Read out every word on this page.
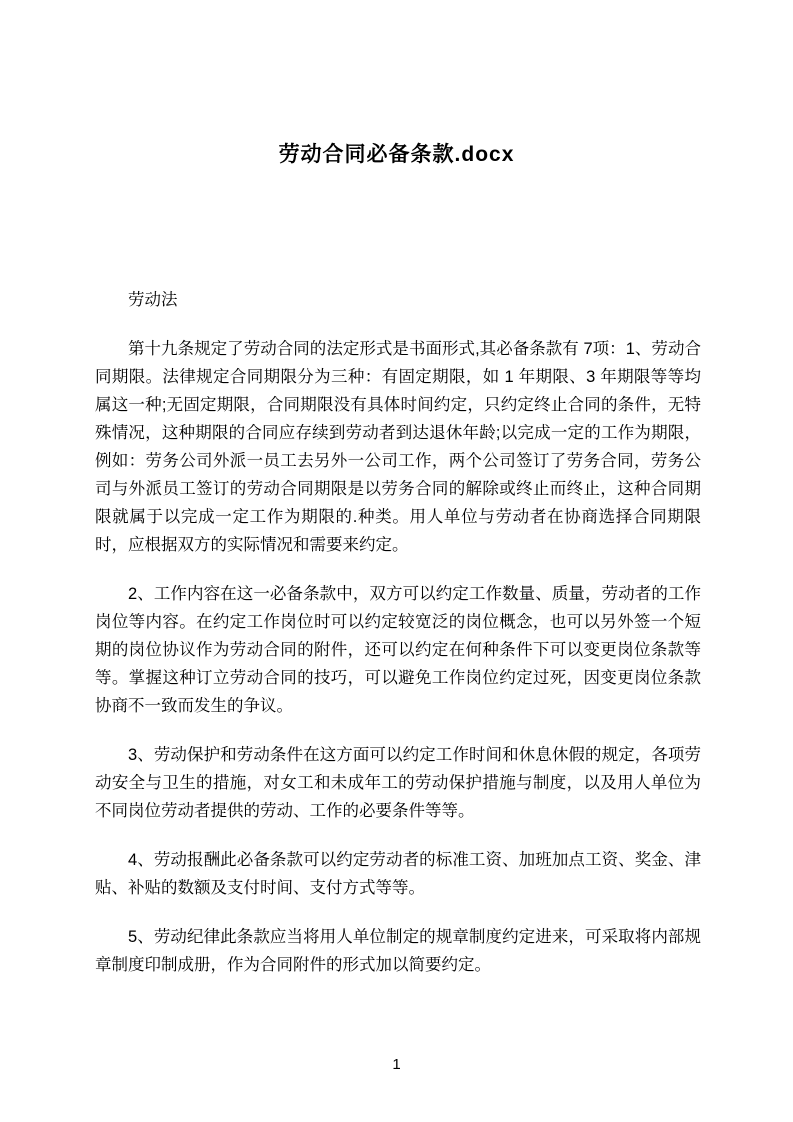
劳动合同必备条款.docx

劳动法

第十九条规定了劳动合同的法定形式是书面形式,其必备条款有 7项：1、劳动合同期限。法律规定合同期限分为三种：有固定期限，如 1 年期限、3 年期限等等均属这一种;无固定期限，合同期限没有具体时间约定，只约定终止合同的条件，无特殊情况，这种期限的合同应存续到劳动者到达退休年龄;以完成一定的工作为期限，例如：劳务公司外派一员工去另外一公司工作，两个公司签订了劳务合同，劳务公司与外派员工签订的劳动合同期限是以劳务合同的解除或终止而终止，这种合同期限就属于以完成一定工作为期限的.种类。用人单位与劳动者在协商选择合同期限时，应根据双方的实际情况和需要来约定。

2、工作内容在这一必备条款中，双方可以约定工作数量、质量，劳动者的工作岗位等内容。在约定工作岗位时可以约定较宽泛的岗位概念，也可以另外签一个短期的岗位协议作为劳动合同的附件，还可以约定在何种条件下可以变更岗位条款等等。掌握这种订立劳动合同的技巧，可以避免工作岗位约定过死，因变更岗位条款协商不一致而发生的争议。

3、劳动保护和劳动条件在这方面可以约定工作时间和休息休假的规定，各项劳动安全与卫生的措施，对女工和未成年工的劳动保护措施与制度，以及用人单位为不同岗位劳动者提供的劳动、工作的必要条件等等。

4、劳动报酬此必备条款可以约定劳动者的标准工资、加班加点工资、奖金、津贴、补贴的数额及支付时间、支付方式等等。

5、劳动纪律此条款应当将用人单位制定的规章制度约定进来，可采取将内部规章制度印制成册，作为合同附件的形式加以简要约定。

1
